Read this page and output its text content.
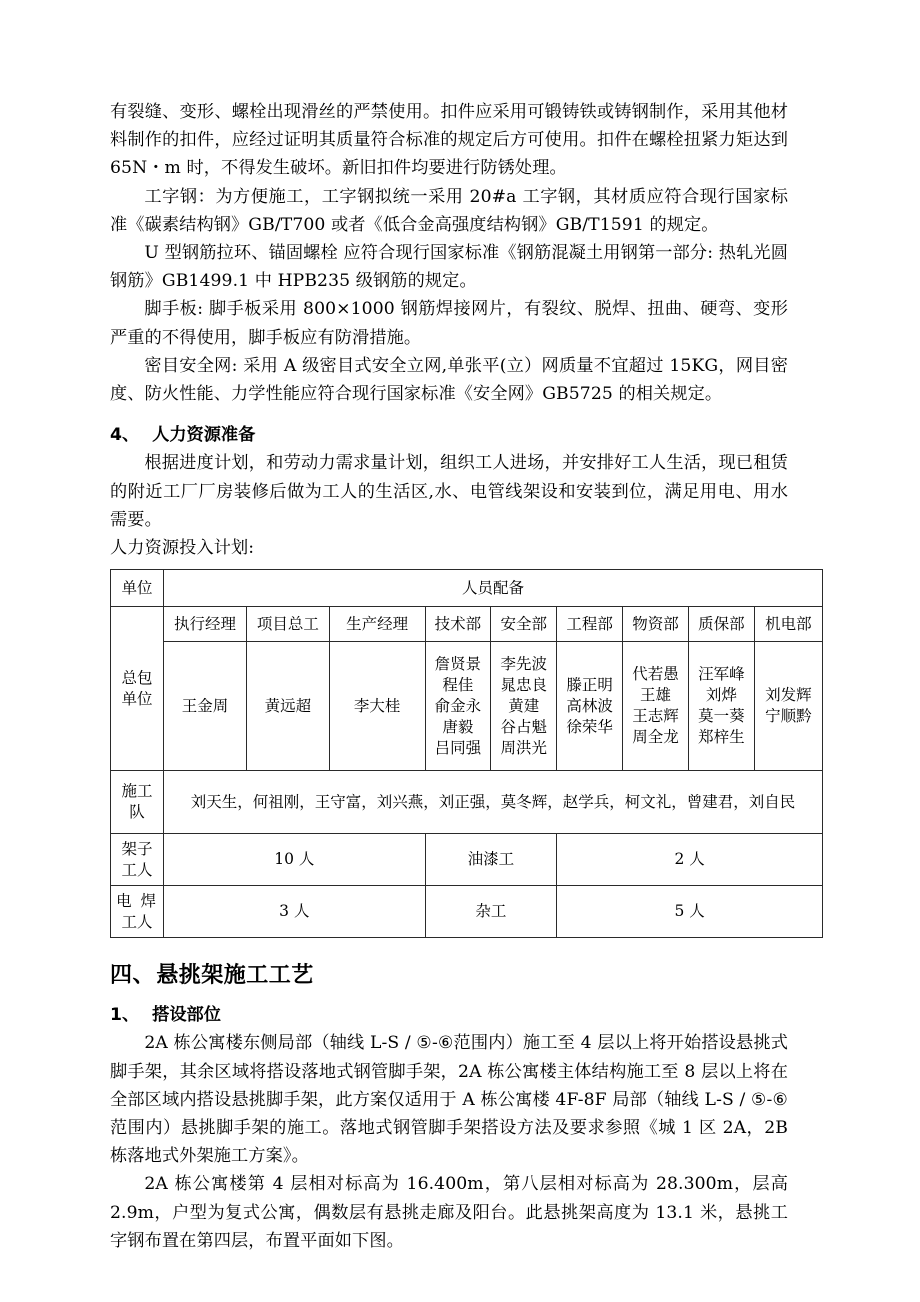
有裂缝、变形、螺栓出现滑丝的严禁使用。扣件应采用可锻铸铁或铸钢制作，采用其他材料制作的扣件，应经过证明其质量符合标准的规定后方可使用。扣件在螺栓扭紧力矩达到 65N・m 时，不得发生破坏。新旧扣件均要进行防锈处理。

工字钢：为方便施工，工字钢拟统一采用 20#a 工字钢，其材质应符合现行国家标准《碳素结构钢》GB/T700 或者《低合金高强度结构钢》GB/T1591 的规定。

U 型钢筋拉环、锚固螺栓 应符合现行国家标准《钢筋混凝土用钢第一部分: 热轧光圆钢筋》GB1499.1 中 HPB235 级钢筋的规定。

脚手板: 脚手板采用 800×1000 钢筋焊接网片，有裂纹、脱焊、扭曲、硬弯、变形严重的不得使用，脚手板应有防滑措施。

密目安全网: 采用 A 级密目式安全立网,单张平(立）网质量不宜超过 15KG，网目密度、防火性能、力学性能应符合现行国家标准《安全网》GB5725 的相关规定。

4、 人力资源准备

根据进度计划，和劳动力需求量计划，组织工人进场，并安排好工人生活，现已租赁的附近工厂厂房装修后做为工人的生活区,水、电管线架设和安装到位，满足用电、用水需要。

人力资源投入计划:

单位	人员配备								
总包 单位	执行经理	项目总工	生产经理	技术部	安全部	工程部	物资部	质保部	机电部

	王金周	黄远超	李大桂	詹贤景
程佳
俞金永
唐毅
吕同强	李先波
晁忠良
黄建
谷占魁
周洪光	滕正明
高林波
徐荣华	代若愚
王雄
王志辉
周全龙	汪军峰
刘烨
莫一葵
郑梓生	刘发辉
宁顺黔

施工 队	刘天生，何祖刚，王守富，刘兴燕，刘正强，莫冬辉，赵学兵，柯文礼，曾建君，刘自民								
架子 工人	10 人			油漆工		2 人			
电 焊 工人	3 人			杂工		5 人			
四、悬挑架施工工艺
1、 搭设部位

2A 栋公寓楼东侧局部（轴线 L-S / ⑤-⑥范围内）施工至 4 层以上将开始搭设悬挑式脚手架，其余区域将搭设落地式钢管脚手架，2A 栋公寓楼主体结构施工至 8 层以上将在全部区域内搭设悬挑脚手架，此方案仅适用于 A 栋公寓楼 4F-8F 局部（轴线 L-S / ⑤-⑥范围内）悬挑脚手架的施工。落地式钢管脚手架搭设方法及要求参照《城 1 区 2A，2B 栋落地式外架施工方案》。

2A 栋公寓楼第 4 层相对标高为 16.400m，第八层相对标高为 28.300m，层高 2.9m，户型为复式公寓，偶数层有悬挑走廊及阳台。此悬挑架高度为 13.1 米，悬挑工字钢布置在第四层，布置平面如下图。
